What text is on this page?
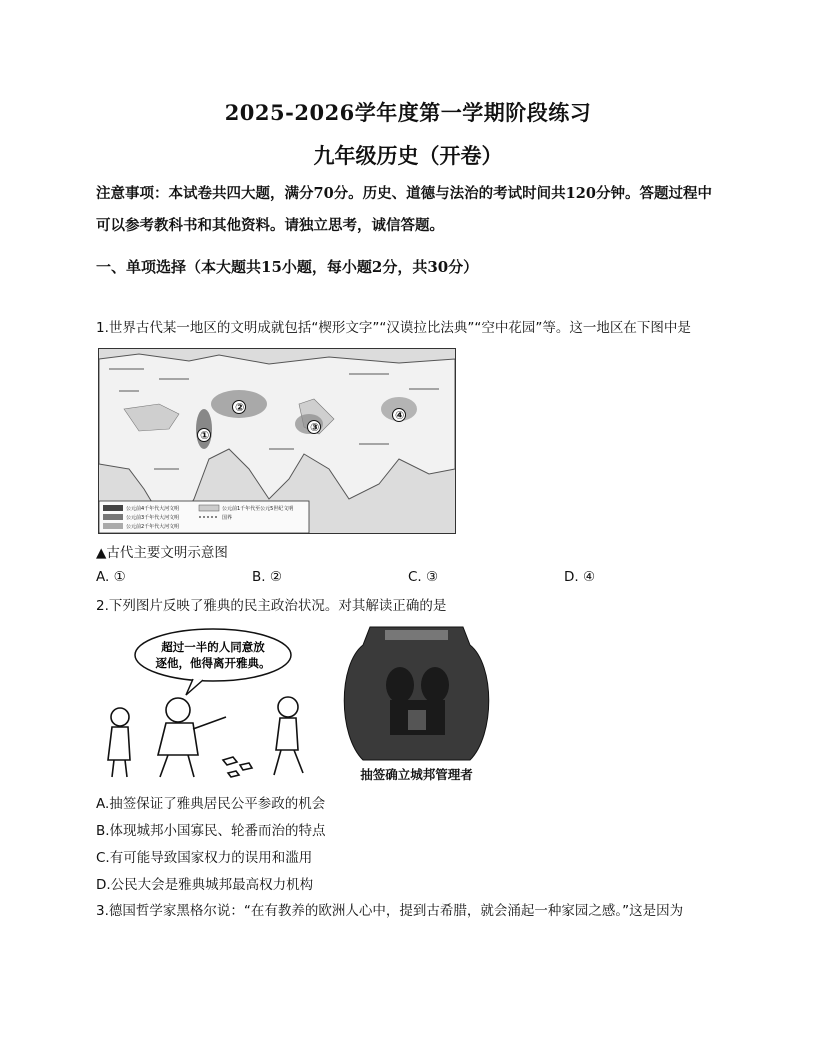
2025-2026学年度第一学期阶段练习
九年级历史（开卷）
注意事项：本试卷共四大题，满分70分。历史、道德与法治的考试时间共120分钟。答题过程中可以参考教科书和其他资料。请独立思考，诚信答题。
一、单项选择（本大题共15小题，每小题2分，共30分）
1.世界古代某一地区的文明成就包括“楔形文字”“汉谟拉比法典”“空中花园”等。这一地区在下图中是
①
②
③
④
公元前4千年代大河文明
公元前3千年代大河文明
公元前2千年代大河文明
公元前1千年代至公元5世纪文明
国界
▲古代主要文明示意图
A. ①	B. ②	C. ③	D. ④
2.下列图片反映了雅典的民主政治状况。对其解读正确的是
超过一半的人同意放
逐他，他得离开雅典。
抽签确立城邦管理者
A.抽签保证了雅典居民公平参政的机会
B.体现城邦小国寡民、轮番而治的特点
C.有可能导致国家权力的误用和滥用
D.公民大会是雅典城邦最高权力机构
3.德国哲学家黑格尔说：“在有教养的欧洲人心中，提到古希腊，就会涌起一种家园之感。”这是因为
